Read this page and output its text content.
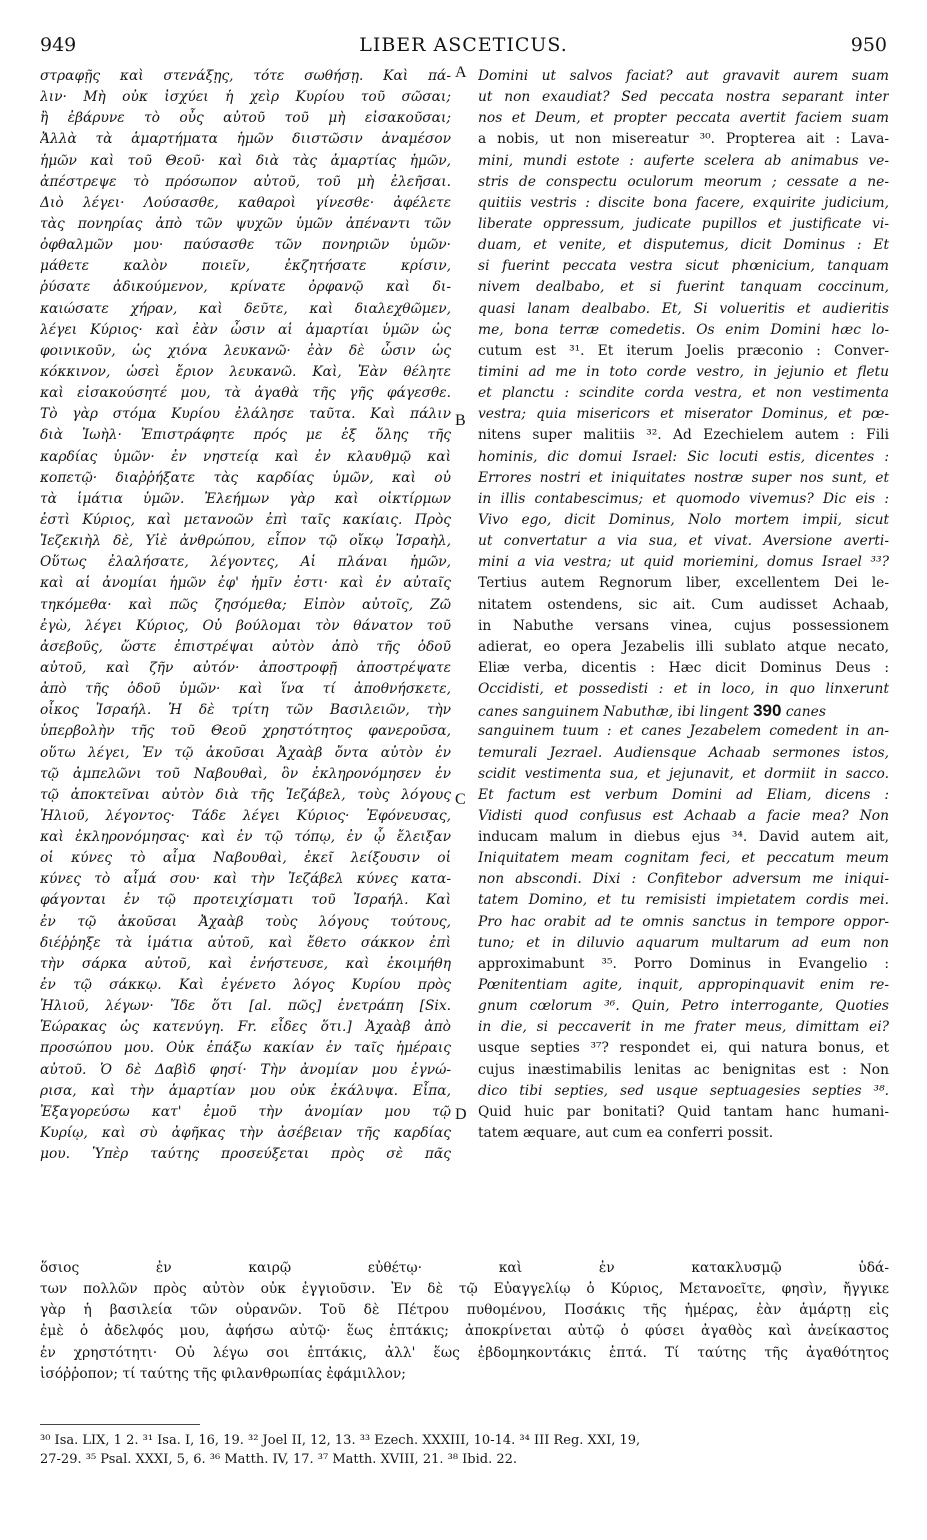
949	LIBER ASCETICUS.	950
στραφῇς καὶ στενάξῃς, τότε σωθήσῃ. Καὶ πά-
λιν· Μὴ οὐκ ἰσχύει ἡ χεὶρ Κυρίου τοῦ σῶσαι;
ἢ ἐβάρυνε τὸ οὖς αὐτοῦ τοῦ μὴ εἰσακοῦσαι;
Ἀλλὰ τὰ ἁμαρτήματα ἡμῶν διιστῶσιν ἀναμέσον
ἡμῶν καὶ τοῦ Θεοῦ· καὶ διὰ τὰς ἁμαρτίας ἡμῶν,
ἀπέστρεψε τὸ πρόσωπον αὐτοῦ, τοῦ μὴ ἐλεῆσαι.
Διὸ λέγει· Λούσασθε, καθαροὶ γίνεσθε· ἀφέλετε
τὰς πονηρίας ἀπὸ τῶν ψυχῶν ὑμῶν ἀπέναντι τῶν
ὀφθαλμῶν μου· παύσασθε τῶν πονηριῶν ὑμῶν·
μάθετε καλὸν ποιεῖν, ἐκζητήσατε κρίσιν,
ῥύσατε ἀδικούμενον, κρίνατε ὀρφανῷ καὶ δι-
καιώσατε χήραν, καὶ δεῦτε, καὶ διαλεχθῶμεν,
λέγει Κύριος· καὶ ἐὰν ὦσιν αἱ ἁμαρτίαι ὑμῶν ὡς
φοινικοῦν, ὡς χιόνα λευκανῶ· ἐὰν δὲ ὦσιν ὡς
κόκκινον, ὡσεὶ ἔριον λευκανῶ. Καὶ, Ἐὰν θέλητε
καὶ εἰσακούσητέ μου, τὰ ἀγαθὰ τῆς γῆς φάγεσθε.
Τὸ γὰρ στόμα Κυρίου ἐλάλησε ταῦτα. Καὶ πάλιν
διὰ Ἰωὴλ· Ἐπιστράφητε πρός με ἐξ ὅλης τῆς
καρδίας ὑμῶν· ἐν νηστείᾳ καὶ ἐν κλαυθμῷ καὶ
κοπετῷ· διαῤῥήξατε τὰς καρδίας ὑμῶν, καὶ οὐ
τὰ ἱμάτια ὑμῶν. Ἐλεήμων γὰρ καὶ οἰκτίρμων
ἐστὶ Κύριος, καὶ μετανοῶν ἐπὶ ταῖς κακίαις. Πρὸς
Ἰεζεκιὴλ δὲ, Υἱὲ ἀνθρώπου, εἶπον τῷ οἴκῳ Ἰσραὴλ,
Οὕτως ἐλαλήσατε, λέγοντες, Αἱ πλάναι ἡμῶν,
καὶ αἱ ἀνομίαι ἡμῶν ἐφ' ἡμῖν ἐστι· καὶ ἐν αὐταῖς
τηκόμεθα· καὶ πῶς ζησόμεθα; Εἰπὸν αὐτοῖς, Ζῶ
ἐγὼ, λέγει Κύριος, Οὐ βούλομαι τὸν θάνατον τοῦ
ἀσεβοῦς, ὥστε ἐπιστρέψαι αὐτὸν ἀπὸ τῆς ὁδοῦ
αὐτοῦ, καὶ ζῆν αὐτόν· ἀποστροφῇ ἀποστρέψατε
ἀπὸ τῆς ὁδοῦ ὑμῶν· καὶ ἵνα τί ἀποθνήσκετε,
οἶκος Ἰσραήλ. Ἡ δὲ τρίτη τῶν Βασιλειῶν, τὴν
ὑπερβολὴν τῆς τοῦ Θεοῦ χρηστότητος φανεροῦσα,
οὕτω λέγει, Ἐν τῷ ἀκοῦσαι Ἀχαὰβ ὄντα αὐτὸν ἐν
τῷ ἀμπελῶνι τοῦ Ναβουθαὶ, ὃν ἐκληρονόμησεν ἐν
τῷ ἀποκτεῖναι αὐτὸν διὰ τῆς Ἰεζάβελ, τοὺς λόγους
Ἠλιοῦ, λέγοντος· Τάδε λέγει Κύριος· Ἐφόνευσας,
καὶ ἐκληρονόμησας· καὶ ἐν τῷ τόπῳ, ἐν ᾧ ἔλειξαν
οἱ κύνες τὸ αἷμα Ναβουθαὶ, ἐκεῖ λείξουσιν οἱ
κύνες τὸ αἷμά σου· καὶ τὴν Ἰεζάβελ κύνες κατα-
φάγονται ἐν τῷ προτειχίσματι τοῦ Ἰσραήλ. Καὶ
ἐν τῷ ἀκοῦσαι Ἀχαὰβ τοὺς λόγους τούτους,
διέῤῥηξε τὰ ἱμάτια αὐτοῦ, καὶ ἔθετο σάκκον ἐπὶ
τὴν σάρκα αὐτοῦ, καὶ ἐνήστευσε, καὶ ἐκοιμήθη
ἐν τῷ σάκκῳ. Καὶ ἐγένετο λόγος Κυρίου πρὸς
Ἠλιοῦ, λέγων· Ἴδε ὅτι [al. πῶς] ἐνετράπη [Six.
Ἑώρακας ὡς κατενύγη. Fr. εἶδες ὅτι.] Ἀχαὰβ ἀπὸ
προσώπου μου. Οὐκ ἐπάξω κακίαν ἐν ταῖς ἡμέραις
αὐτοῦ. Ὁ δὲ Δαβὶδ φησί· Τὴν ἀνομίαν μου ἐγνώ-
ρισα, καὶ τὴν ἁμαρτίαν μου οὐκ ἐκάλυψα. Εἶπα,
Ἐξαγορεύσω κατ' ἐμοῦ τὴν ἀνομίαν μου τῷ
Κυρίῳ, καὶ σὺ ἀφῆκας τὴν ἀσέβειαν τῆς καρδίας
μου. Ὑπὲρ ταύτης προσεύξεται πρὸς σὲ πᾶς
A
B
C
D
Domini ut salvos faciat? aut gravavit aurem suam
ut non exaudiat? Sed peccata nostra separant inter
nos et Deum, et propter peccata avertit faciem suam
a nobis, ut non misereatur ³⁰. Propterea ait : Lava-
mini, mundi estote : auferte scelera ab animabus ve-
stris de conspectu oculorum meorum ; cessate a ne-
quitiis vestris : discite bona facere, exquirite judicium,
liberate oppressum, judicate pupillos et justificate vi-
duam, et venite, et disputemus, dicit Dominus : Et
si fuerint peccata vestra sicut phœnicium, tanquam
nivem dealbabo, et si fuerint tanquam coccinum,
quasi lanam dealbabo. Et, Si volueritis et audieritis
me, bona terræ comedetis. Os enim Domini hæc lo-
cutum est ³¹. Et iterum Joelis præconio : Conver-
timini ad me in toto corde vestro, in jejunio et fletu
et planctu : scindite corda vestra, et non vestimenta
vestra; quia misericors et miserator Dominus, et pœ-
nitens super malitiis ³². Ad Ezechielem autem : Fili
hominis, dic domui Israel: Sic locuti estis, dicentes :
Errores nostri et iniquitates nostræ super nos sunt, et
in illis contabescimus; et quomodo vivemus? Dic eis :
Vivo ego, dicit Dominus, Nolo mortem impii, sicut
ut convertatur a via sua, et vivat. Aversione averti-
mini a via vestra; ut quid moriemini, domus Israel ³³?
Tertius autem Regnorum liber, excellentem Dei le-
nitatem ostendens, sic ait. Cum audisset Achaab,
in Nabuthe versans vinea, cujus possessionem
adierat, eo opera Jezabelis illi sublato atque necato,
Eliæ verba, dicentis : Hæc dicit Dominus Deus :
Occidisti, et possedisti : et in loco, in quo linxerunt
canes sanguinem Nabuthæ, ibi lingent 390 canes
sanguinem tuum : et canes Jezabelem comedent in an-
temurali Jezrael. Audiensque Achaab sermones istos,
scidit vestimenta sua, et jejunavit, et dormiit in sacco.
Et factum est verbum Domini ad Eliam, dicens :
Vidisti quod confusus est Achaab a facie mea? Non
inducam malum in diebus ejus ³⁴. David autem ait,
Iniquitatem meam cognitam feci, et peccatum meum
non abscondi. Dixi : Confitebor adversum me iniqui-
tatem Domino, et tu remisisti impietatem cordis mei.
Pro hac orabit ad te omnis sanctus in tempore oppor-
tuno; et in diluvio aquarum multarum ad eum non
approximabunt ³⁵. Porro Dominus in Evangelio :
Pœnitentiam agite, inquit, appropinquavit enim re-
gnum cœlorum ³⁶. Quin, Petro interrogante, Quoties
in die, si peccaverit in me frater meus, dimittam ei?
usque septies ³⁷? respondet ei, qui natura bonus, et
cujus inæstimabilis lenitas ac benignitas est : Non
dico tibi septies, sed usque septuagesies septies ³⁸.
Quid huic par bonitati? Quid tantam hanc humani-
tatem æquare, aut cum ea conferri possit.
ὅσιος ἐν καιρῷ εὐθέτῳ· καὶ ἐν κατακλυσμῷ ὑδά-
των πολλῶν πρὸς αὐτὸν οὐκ ἐγγιοῦσιν. Ἐν δὲ τῷ Εὐαγγελίῳ ὁ Κύριος, Μετανοεῖτε, φησὶν, ἤγγικε
γὰρ ἡ βασιλεία τῶν οὐρανῶν. Τοῦ δὲ Πέτρου πυθομένου, Ποσάκις τῆς ἡμέρας, ἐὰν ἁμάρτῃ εἰς
ἐμὲ ὁ ἀδελφός μου, ἀφήσω αὐτῷ· ἕως ἑπτάκις; ἀποκρίνεται αὐτῷ ὁ φύσει ἀγαθὸς καὶ ἀνείκαστος
ἐν χρηστότητι· Οὐ λέγω σοι ἑπτάκις, ἀλλ' ἕως ἑβδομηκοντάκις ἑπτά. Τί ταύτης τῆς ἀγαθότητος
ἰσόῤῥοπον; τί ταύτης τῆς φιλανθρωπίας ἐφάμιλλον;
³⁰ Isa. LIX, 1 2. ³¹ Isa. I, 16, 19. ³² Joel II, 12, 13. ³³ Ezech. XXXIII, 10-14. ³⁴ III Reg. XXI, 19,
27-29. ³⁵ Psal. XXXI, 5, 6. ³⁶ Matth. IV, 17. ³⁷ Matth. XVIII, 21. ³⁸ Ibid. 22.
